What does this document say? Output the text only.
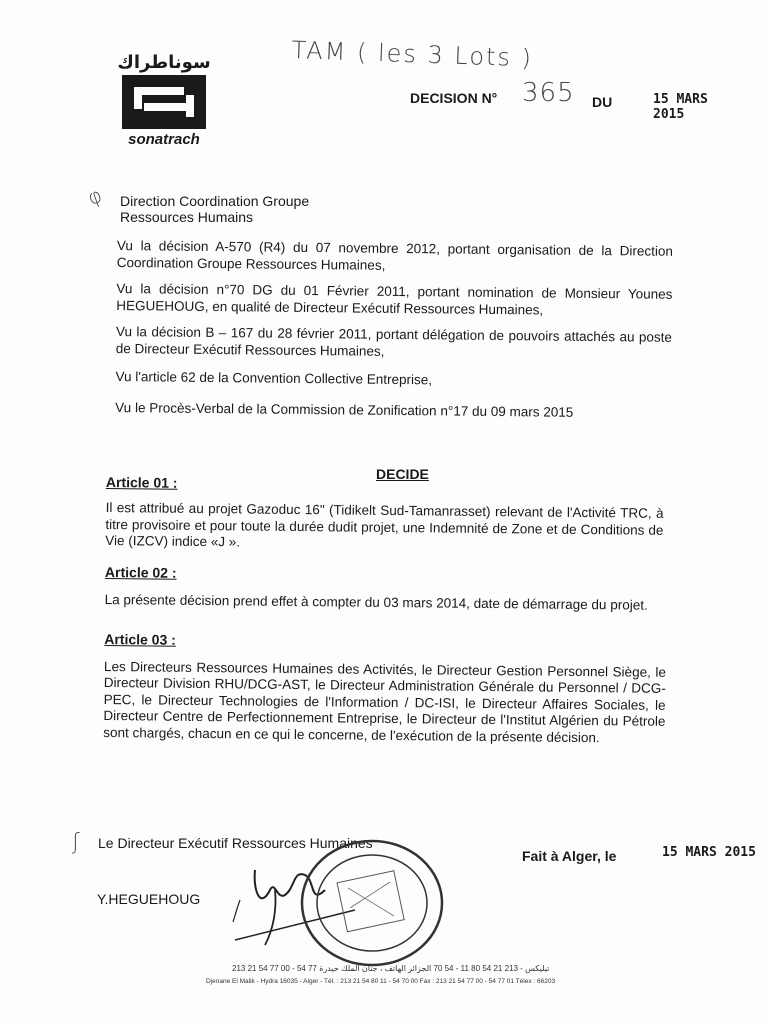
TAM ( les 3 Lots )
سوناطراك
sonatrach
DECISION N° 365 DU	15 MARS 2015
φ Direction Coordination Groupe
Ressources Humains
Vu la décision A-570 (R4) du 07 novembre 2012, portant organisation de la Direction Coordination Groupe Ressources Humaines,
Vu la décision n°70 DG du 01 Février 2011, portant nomination de Monsieur Younes HEGUEHOUG, en qualité de Directeur Exécutif Ressources Humaines,
Vu la décision B – 167 du 28 février 2011, portant délégation de pouvoirs attachés au poste de Directeur Exécutif Ressources Humaines,
Vu l'article 62 de la Convention Collective Entreprise,
Vu le Procès-Verbal de la Commission de Zonification n°17 du 09 mars 2015
DECIDE
Article 01 :
Il est attribué au projet Gazoduc 16" (Tidikelt Sud-Tamanrasset) relevant de l'Activité TRC, à titre provisoire et pour toute la durée dudit projet, une Indemnité de Zone et de Conditions de Vie (IZCV) indice «J ».
Article 02 :
La présente décision prend effet à compter du 03 mars 2014, date de démarrage du projet.
Article 03 :
Les Directeurs Ressources Humaines des Activités, le Directeur Gestion Personnel Siège, le Directeur Division RHU/DCG-AST, le Directeur Administration Générale du Personnel / DCG-PEC, le Directeur Technologies de l'Information / DC-ISI, le Directeur Affaires Sociales, le Directeur Centre de Perfectionnement Entreprise, le Directeur de l'Institut Algérien du Pétrole sont chargés, chacun en ce qui le concerne, de l'exécution de la présente décision.
ʃ Le Directeur Exécutif Ressources Humaines
Y.HEGUEHOUG
Fait à Alger, le	15 MARS 2015
213 21 54 77 00 - 54 77 تيليكس - 213 21 54 80 11 - 54 70 الجزائر الهاتف ، جنان الملك حيدرة
Djenane El Malik - Hydra 16035 - Alger - Tél. : 213 21 54 80 11 - 54 70 00 Fax : 213 21 54 77 00 - 54 77 01 Télex : 66203
